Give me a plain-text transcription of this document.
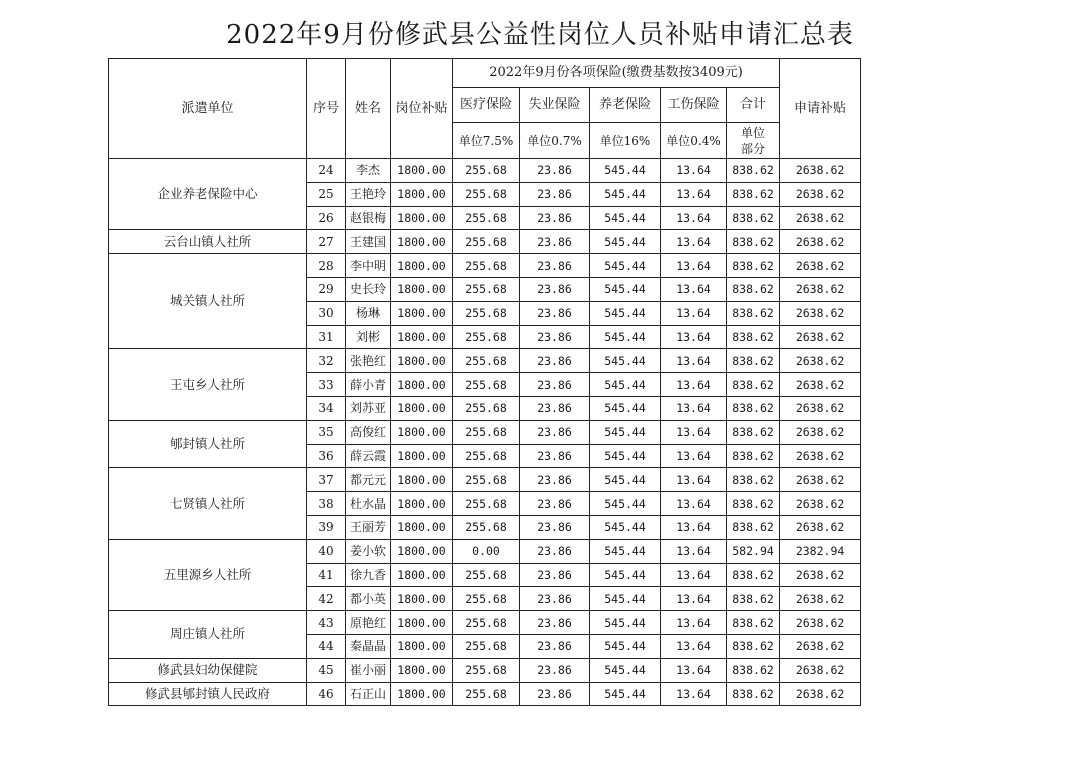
2022年9月份修武县公益性岗位人员补贴申请汇总表
派遣单位	序号	姓名	岗位补贴	2022年9月份各项保险(缴费基数按3409元)					申请补贴
				医疗保险	失业保险	养老保险	工伤保险	合计	
				单位7.5%	单位0.7%	单位16%	单位0.4%	单位部分	

企业养老保险中心	24	李杰	1800.00	255.68	23.86	545.44	13.64	838.62	2638.62
	25	王艳玲	1800.00	255.68	23.86	545.44	13.64	838.62	2638.62
	26	赵银梅	1800.00	255.68	23.86	545.44	13.64	838.62	2638.62
云台山镇人社所	27	王建国	1800.00	255.68	23.86	545.44	13.64	838.62	2638.62
城关镇人社所	28	李中明	1800.00	255.68	23.86	545.44	13.64	838.62	2638.62
	29	史长玲	1800.00	255.68	23.86	545.44	13.64	838.62	2638.62
	30	杨琳	1800.00	255.68	23.86	545.44	13.64	838.62	2638.62
	31	刘彬	1800.00	255.68	23.86	545.44	13.64	838.62	2638.62
王屯乡人社所	32	张艳红	1800.00	255.68	23.86	545.44	13.64	838.62	2638.62
	33	薛小青	1800.00	255.68	23.86	545.44	13.64	838.62	2638.62
	34	刘苏亚	1800.00	255.68	23.86	545.44	13.64	838.62	2638.62
郇封镇人社所	35	高俊红	1800.00	255.68	23.86	545.44	13.64	838.62	2638.62
	36	薛云霞	1800.00	255.68	23.86	545.44	13.64	838.62	2638.62
七贤镇人社所	37	都元元	1800.00	255.68	23.86	545.44	13.64	838.62	2638.62
	38	杜水晶	1800.00	255.68	23.86	545.44	13.64	838.62	2638.62
	39	王丽芳	1800.00	255.68	23.86	545.44	13.64	838.62	2638.62
五里源乡人社所	40	姜小软	1800.00	0.00	23.86	545.44	13.64	582.94	2382.94
	41	徐九香	1800.00	255.68	23.86	545.44	13.64	838.62	2638.62
	42	都小英	1800.00	255.68	23.86	545.44	13.64	838.62	2638.62
周庄镇人社所	43	原艳红	1800.00	255.68	23.86	545.44	13.64	838.62	2638.62
	44	秦晶晶	1800.00	255.68	23.86	545.44	13.64	838.62	2638.62
修武县妇幼保健院	45	崔小丽	1800.00	255.68	23.86	545.44	13.64	838.62	2638.62
修武县郇封镇人民政府	46	石正山	1800.00	255.68	23.86	545.44	13.64	838.62	2638.62
